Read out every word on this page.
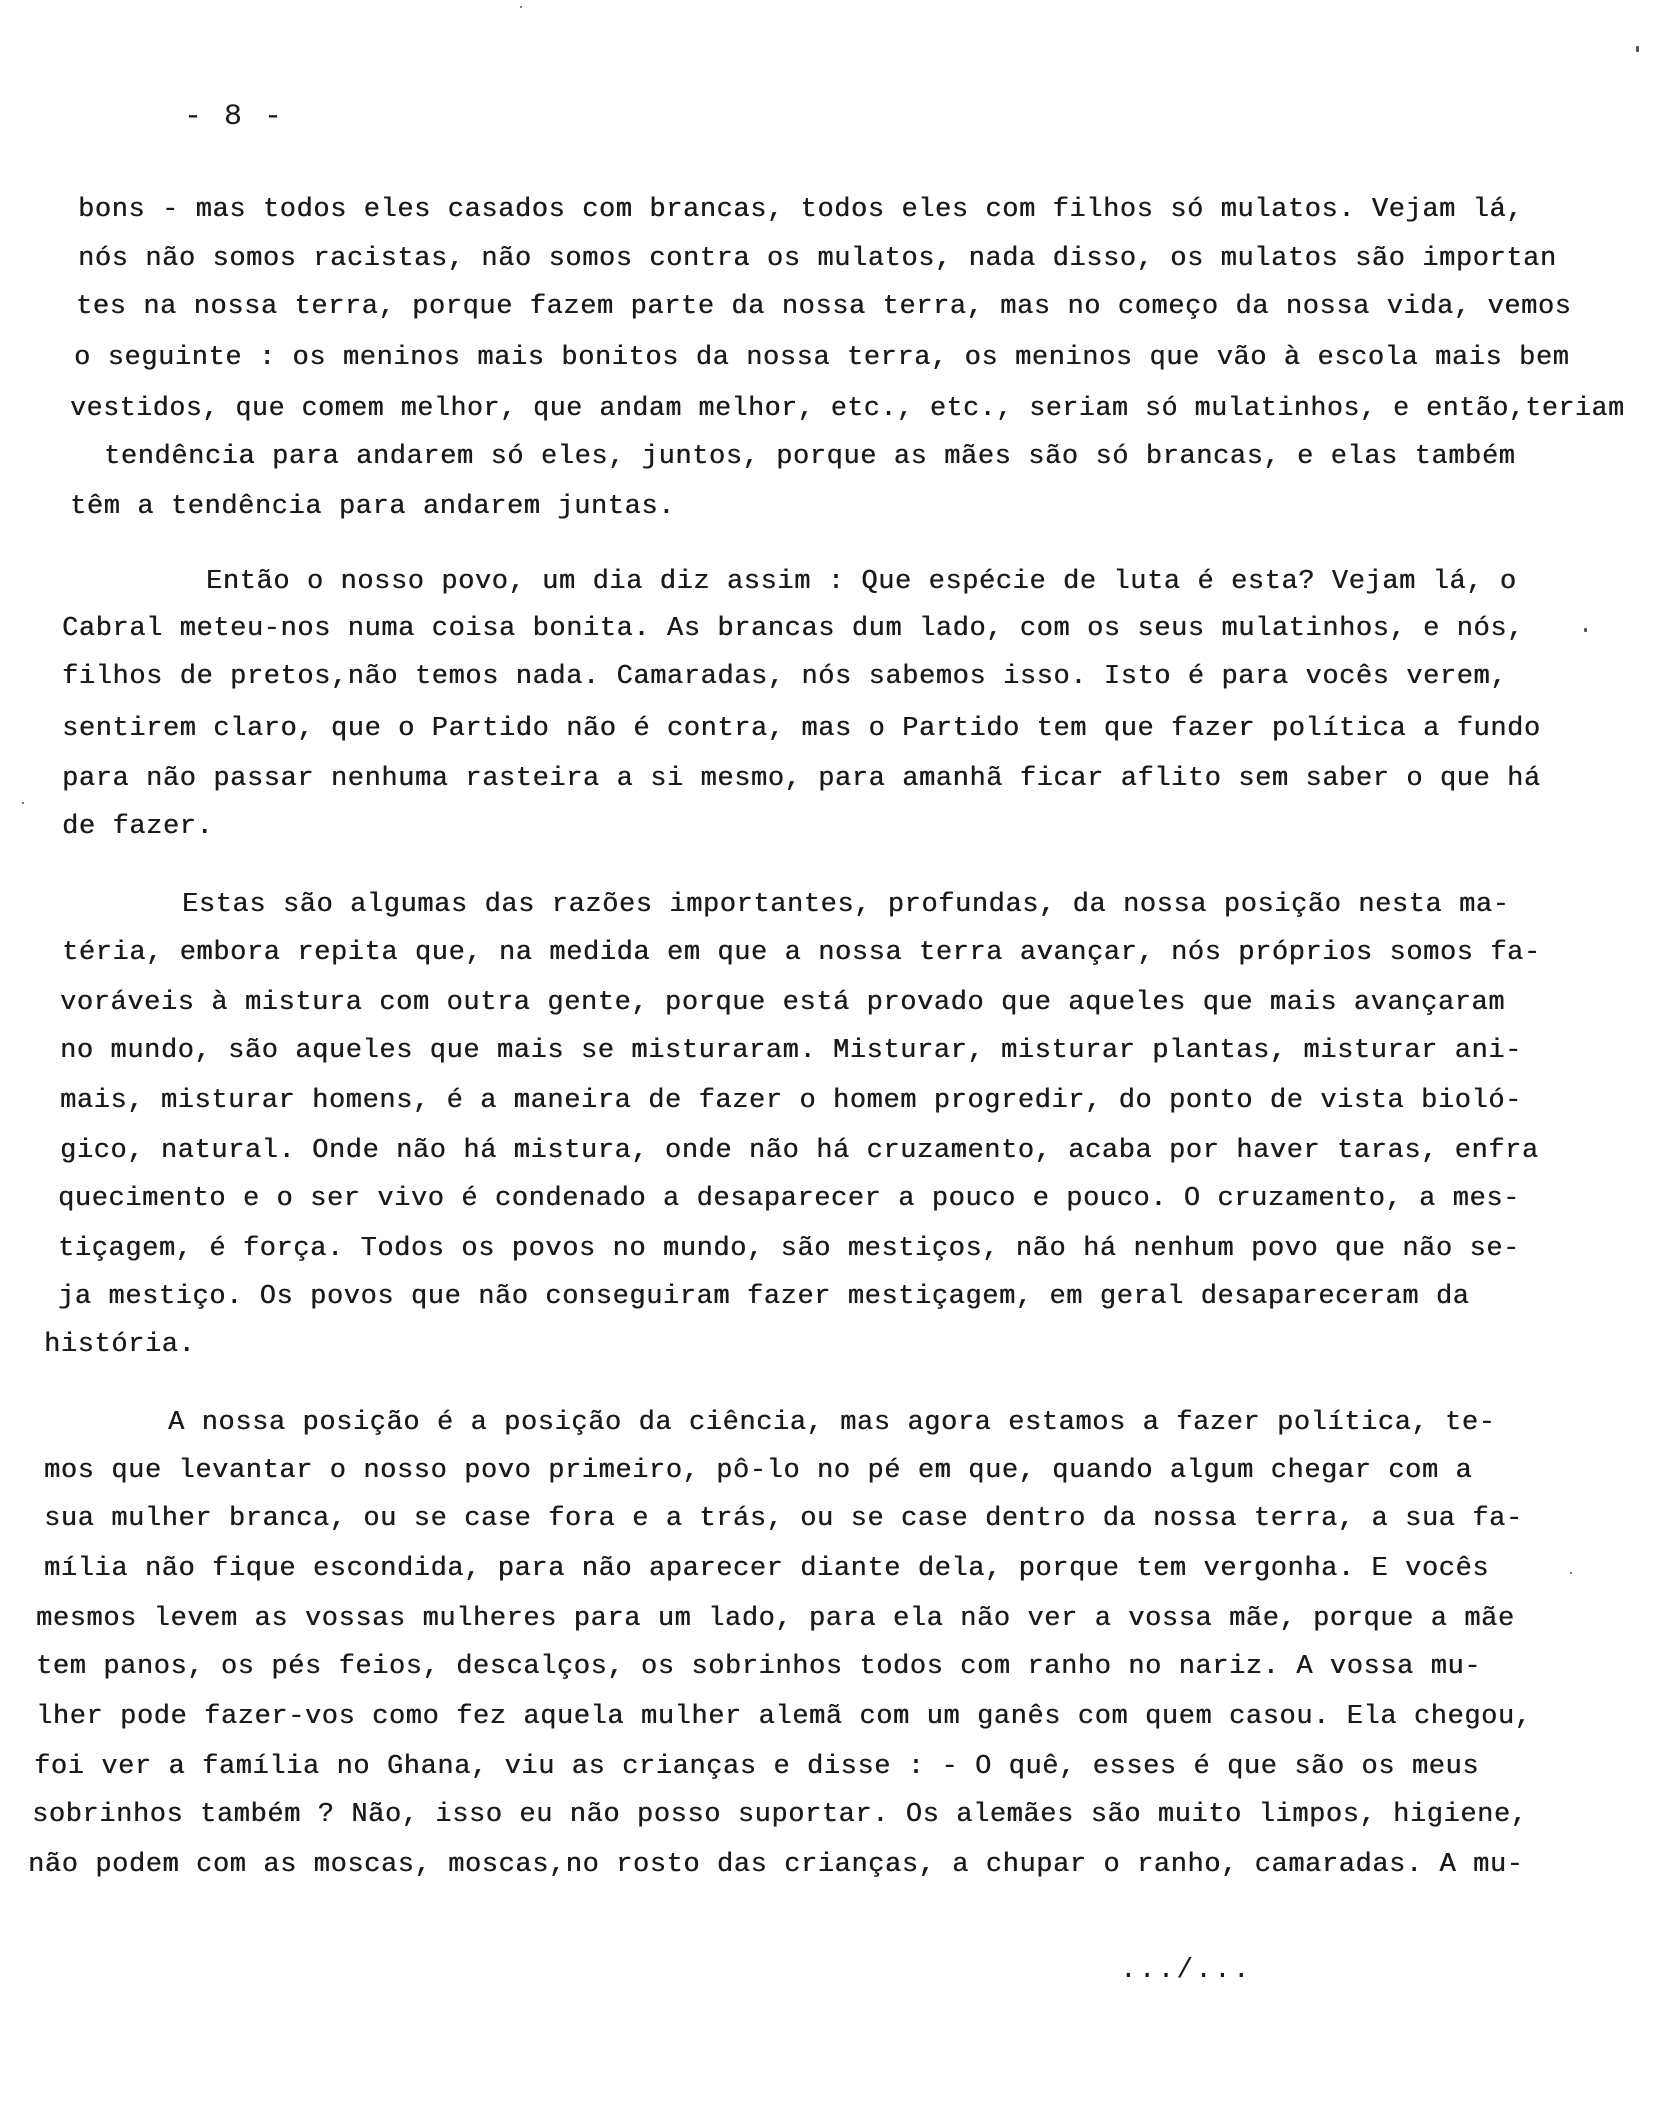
- 8 -
bons - mas todos eles casados com brancas, todos eles com filhos só mulatos. Vejam lá,
nós não somos racistas, não somos contra os mulatos, nada disso, os mulatos são importan
tes na nossa terra, porque fazem parte da nossa terra, mas no começo da nossa vida, vemos
o seguinte : os meninos mais bonitos da nossa terra, os meninos que vão à escola mais bem
vestidos, que comem melhor, que andam melhor, etc., etc., seriam só mulatinhos, e então,teriam
tendência para andarem só eles, juntos, porque as mães são só brancas, e elas também
têm a tendência para andarem juntas.
Então o nosso povo, um dia diz assim : Que espécie de luta é esta? Vejam lá, o
Cabral meteu-nos numa coisa bonita. As brancas dum lado, com os seus mulatinhos, e nós,
filhos de pretos,não temos nada. Camaradas, nós sabemos isso. Isto é para vocês verem,
sentirem claro, que o Partido não é contra, mas o Partido tem que fazer política a fundo
para não passar nenhuma rasteira a si mesmo, para amanhã ficar aflito sem saber o que há
de fazer.
Estas são algumas das razões importantes, profundas, da nossa posição nesta ma-
téria, embora repita que, na medida em que a nossa terra avançar, nós próprios somos fa-
voráveis à mistura com outra gente, porque está provado que aqueles que mais avançaram
no mundo, são aqueles que mais se misturaram. Misturar, misturar plantas, misturar ani-
mais, misturar homens, é a maneira de fazer o homem progredir, do ponto de vista bioló-
gico, natural. Onde não há mistura, onde não há cruzamento, acaba por haver taras, enfra
quecimento e o ser vivo é condenado a desaparecer a pouco e pouco. O cruzamento, a mes-
tiçagem, é força. Todos os povos no mundo, são mestiços, não há nenhum povo que não se-
ja mestiço. Os povos que não conseguiram fazer mestiçagem, em geral desapareceram da
história.
A nossa posição é a posição da ciência, mas agora estamos a fazer política, te-
mos que levantar o nosso povo primeiro, pô-lo no pé em que, quando algum chegar com a
sua mulher branca, ou se case fora e a trás, ou se case dentro da nossa terra, a sua fa-
mília não fique escondida, para não aparecer diante dela, porque tem vergonha. E vocês
mesmos levem as vossas mulheres para um lado, para ela não ver a vossa mãe, porque a mãe
tem panos, os pés feios, descalços, os sobrinhos todos com ranho no nariz. A vossa mu-
lher pode fazer-vos como fez aquela mulher alemã com um ganês com quem casou. Ela chegou,
foi ver a família no Ghana, viu as crianças e disse : - O quê, esses é que são os meus
sobrinhos também ? Não, isso eu não posso suportar. Os alemães são muito limpos, higiene,
não podem com as moscas, moscas,no rosto das crianças, a chupar o ranho, camaradas. A mu-
.../...
